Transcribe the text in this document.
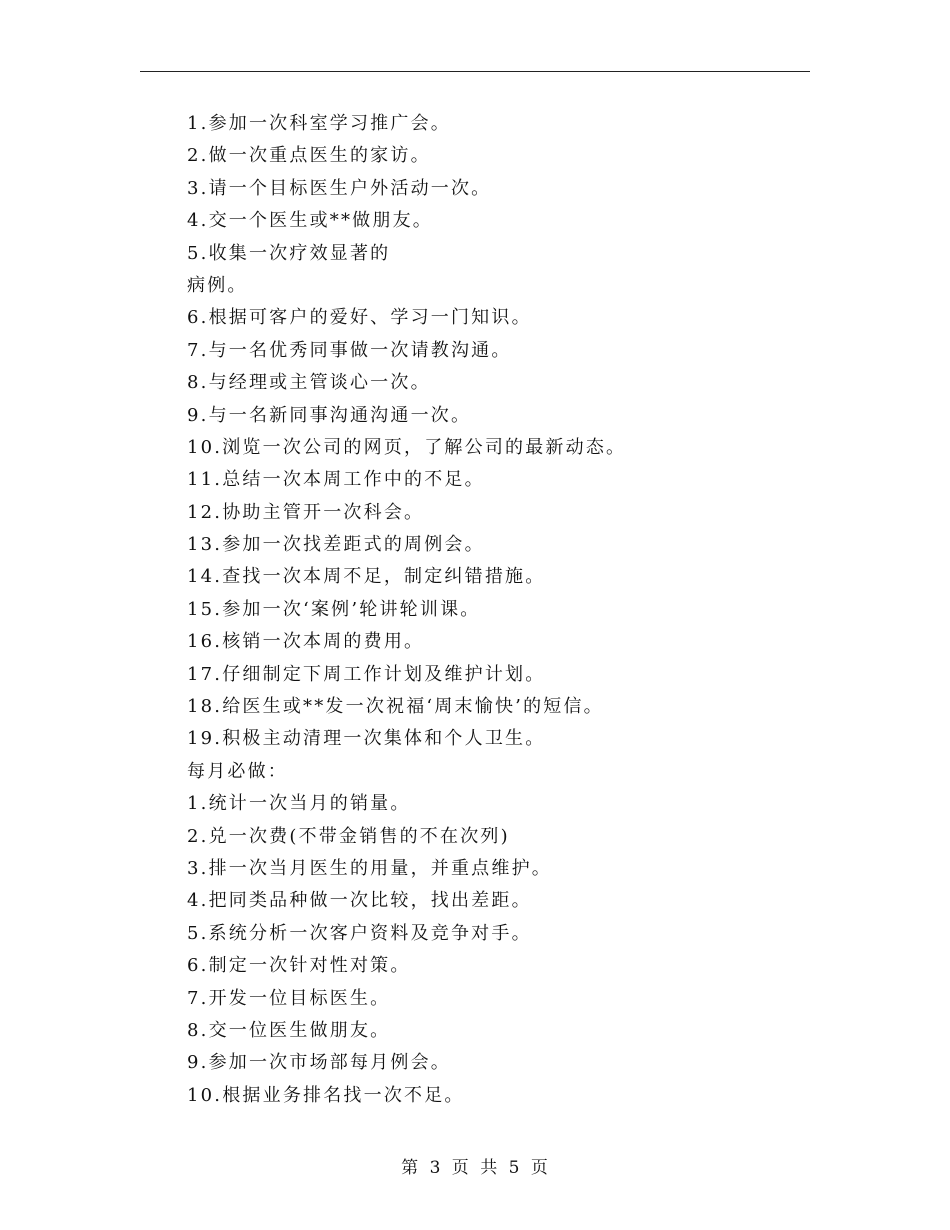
1.参加一次科室学习推广会。
2.做一次重点医生的家访。
3.请一个目标医生户外活动一次。
4.交一个医生或**做朋友。
5.收集一次疗效显著的
病例。
6.根据可客户的爱好、学习一门知识。
7.与一名优秀同事做一次请教沟通。
8.与经理或主管谈心一次。
9.与一名新同事沟通沟通一次。
10.浏览一次公司的网页，了解公司的最新动态。
11.总结一次本周工作中的不足。
12.协助主管开一次科会。
13.参加一次找差距式的周例会。
14.查找一次本周不足，制定纠错措施。
15.参加一次‘案例’轮讲轮训课。
16.核销一次本周的费用。
17.仔细制定下周工作计划及维护计划。
18.给医生或**发一次祝福‘周末愉快’的短信。
19.积极主动清理一次集体和个人卫生。
每月必做：
1.统计一次当月的销量。
2.兑一次费(不带金销售的不在次列)
3.排一次当月医生的用量，并重点维护。
4.把同类品种做一次比较，找出差距。
5.系统分析一次客户资料及竞争对手。
6.制定一次针对性对策。
7.开发一位目标医生。
8.交一位医生做朋友。
9.参加一次市场部每月例会。
10.根据业务排名找一次不足。
第 3 页 共 5 页
